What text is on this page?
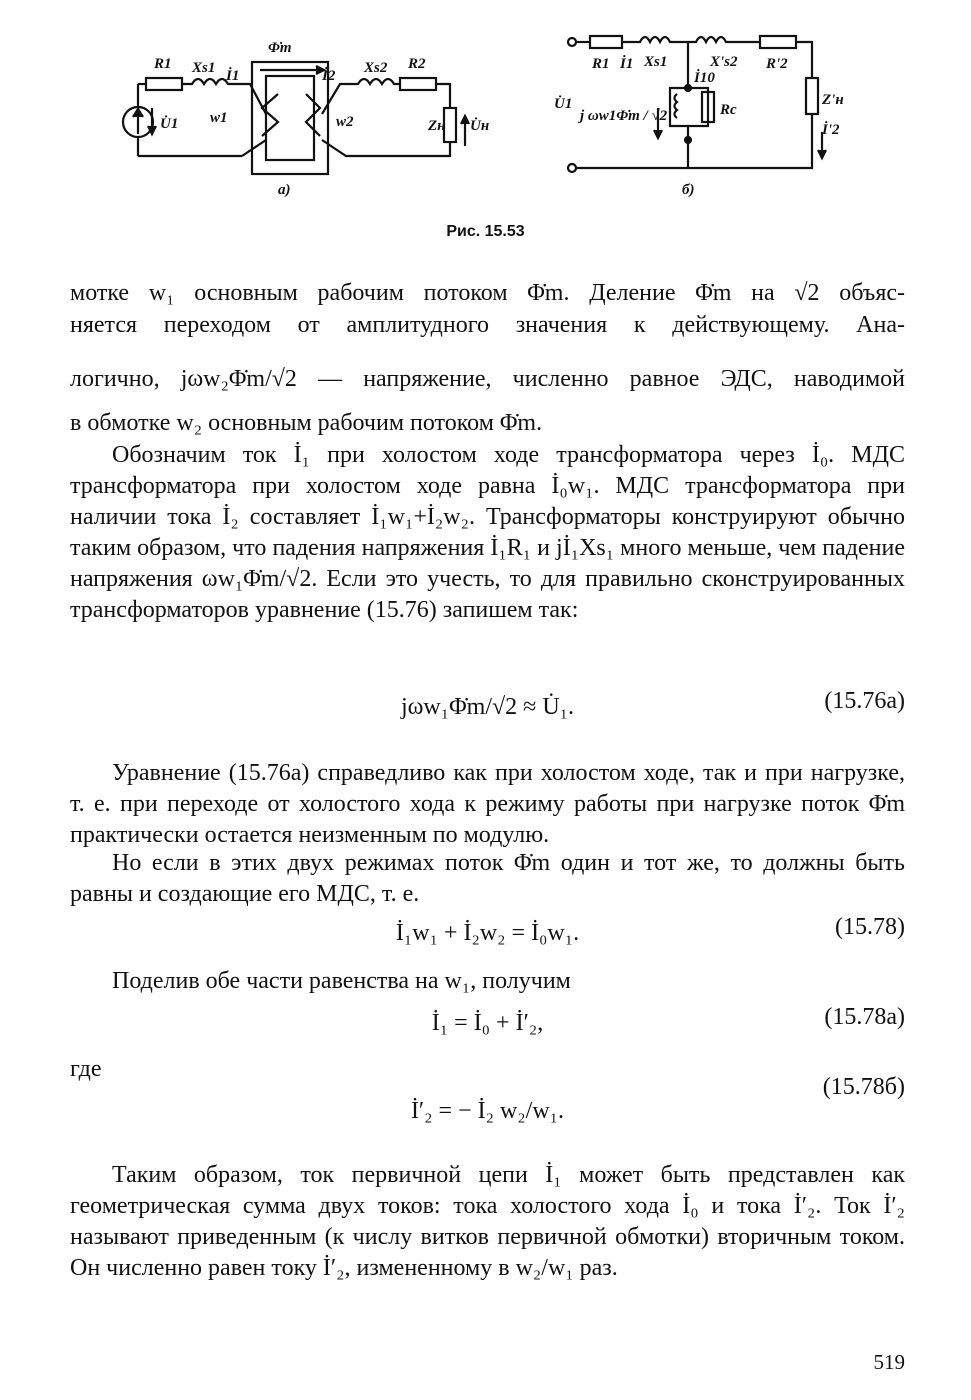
R1 Xs1 İ1
Φ̇m
İ2 Xs2 R2
U̇1 w1	w2	Zн U̇н
а)
R1 İ1 Xs1	X's2 R'2
İ10
U̇1
j ωw1Φ̇m / √2	Rc
Z'н
İ'2
б)
Рис. 15.53

мотке w₁ основным рабочим потоком Φ̇m. Деление Φ̇m на √2 объяс-

няется переходом от амплитудного значения к действующему. Ана-

логично, jωw₂Φ̇m/√2 — напряжение, численно равное ЭДС, наводимой

в обмотке w₂ основным рабочим потоком Φ̇m.

Обозначим ток İ₁ при холостом ходе трансформатора через İ₀. МДС трансформатора при холостом ходе равна İ₀w₁. МДС трансформатора при наличии тока İ₂ составляет İ₁w₁+İ₂w₂. Трансформаторы конструируют обычно таким образом, что падения напряжения İ₁R₁ и jİ₁Xs₁ много меньше, чем падение напряжения ωw₁Φ̇m/√2. Если это учесть, то для правильно сконструированных трансформаторов уравнение (15.76) запишем так:

jωw₁Φ̇m/√2 ≈ U̇₁.	(15.76а)

Уравнение (15.76а) справедливо как при холостом ходе, так и при нагрузке, т. е. при переходе от холостого хода к режиму работы при нагрузке поток Φ̇m практически остается неизменным по модулю.

Но если в этих двух режимах поток Φ̇m один и тот же, то должны быть равны и создающие его МДС, т. е.

İ₁w₁ + İ₂w₂ = İ₀w₁.	(15.78)

Поделив обе части равенства на w₁, получим

İ₁ = İ₀ + İ′₂,	(15.78а)

где

İ′₂ = − İ₂ w₂/w₁.
(15.78б)

Таким образом, ток первичной цепи İ₁ может быть представлен как геометрическая сумма двух токов: тока холостого хода İ₀ и тока İ′₂. Ток İ′₂ называют приведенным (к числу витков первичной обмотки) вторичным током. Он численно равен току İ′₂, измененному в w₂/w₁ раз.

519
